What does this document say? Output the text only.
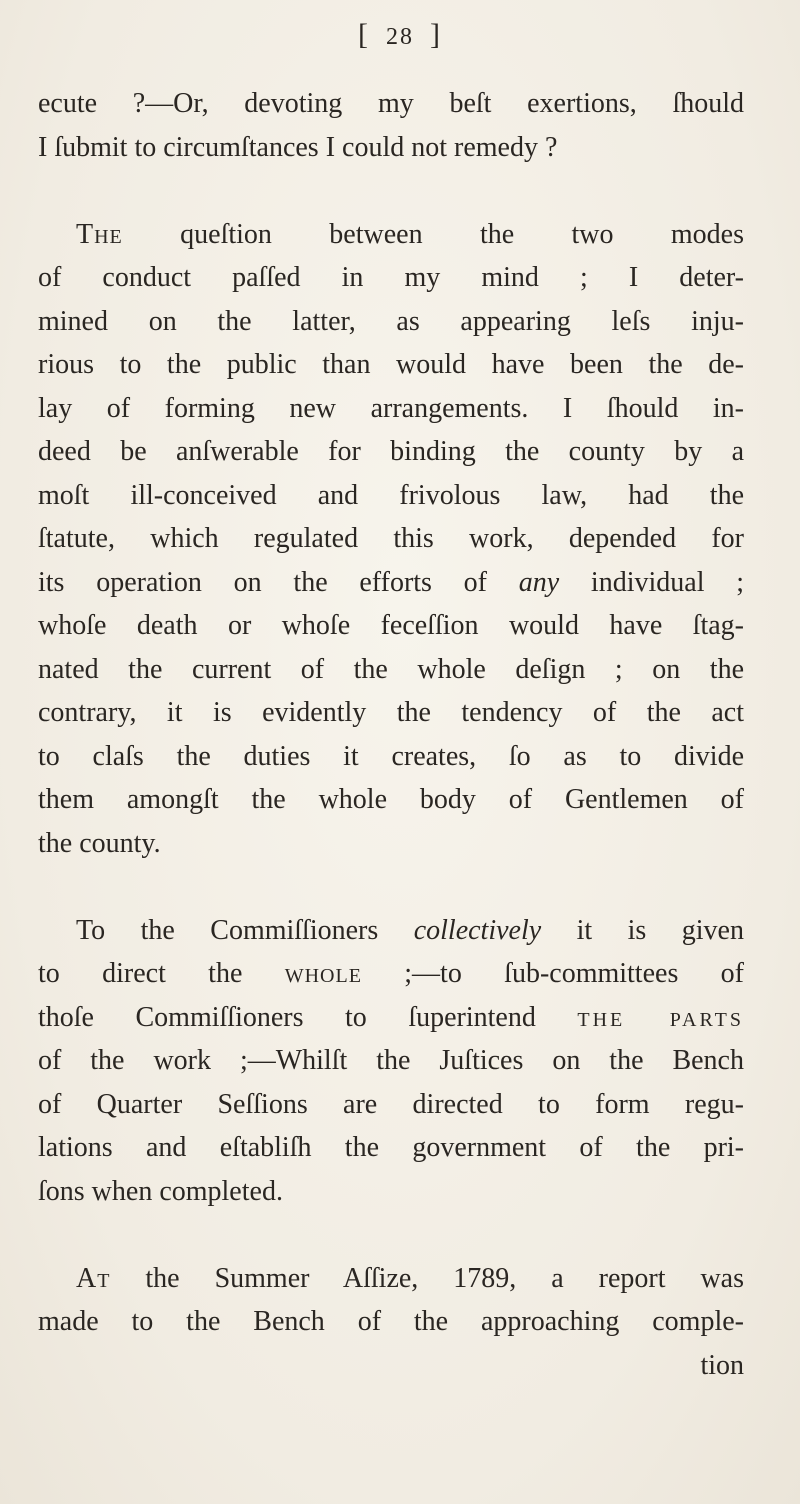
[ 28 ]
ecute ?—Or, devoting my beſt exertions, ſhould
I ſubmit to circumſtances I could not remedy ?
The queſtion between the two modes
of conduct paſſed in my mind ; I deter-
mined on the latter, as appearing leſs inju-
rious to the public than would have been the de-
lay of forming new arrangements. I ſhould in-
deed be anſwerable for binding the county by a
moſt ill-conceived and frivolous law, had the
ſtatute, which regulated this work, depended for
its operation on the efforts of any individual ;
whoſe death or whoſe feceſſion would have ſtag-
nated the current of the whole deſign ; on the
contrary, it is evidently the tendency of the act
to claſs the duties it creates, ſo as to divide
them amongſt the whole body of Gentlemen of
the county.
To the Commiſſioners collectively it is given
to direct the whole ;—to ſub-committees of
thoſe Commiſſioners to ſuperintend the parts
of the work ;—Whilſt the Juſtices on the Bench
of Quarter Seſſions are directed to form regu-
lations and eſtabliſh the government of the pri-
ſons when completed.
At the Summer Aſſize, 1789, a report was
made to the Bench of the approaching comple-
tion
